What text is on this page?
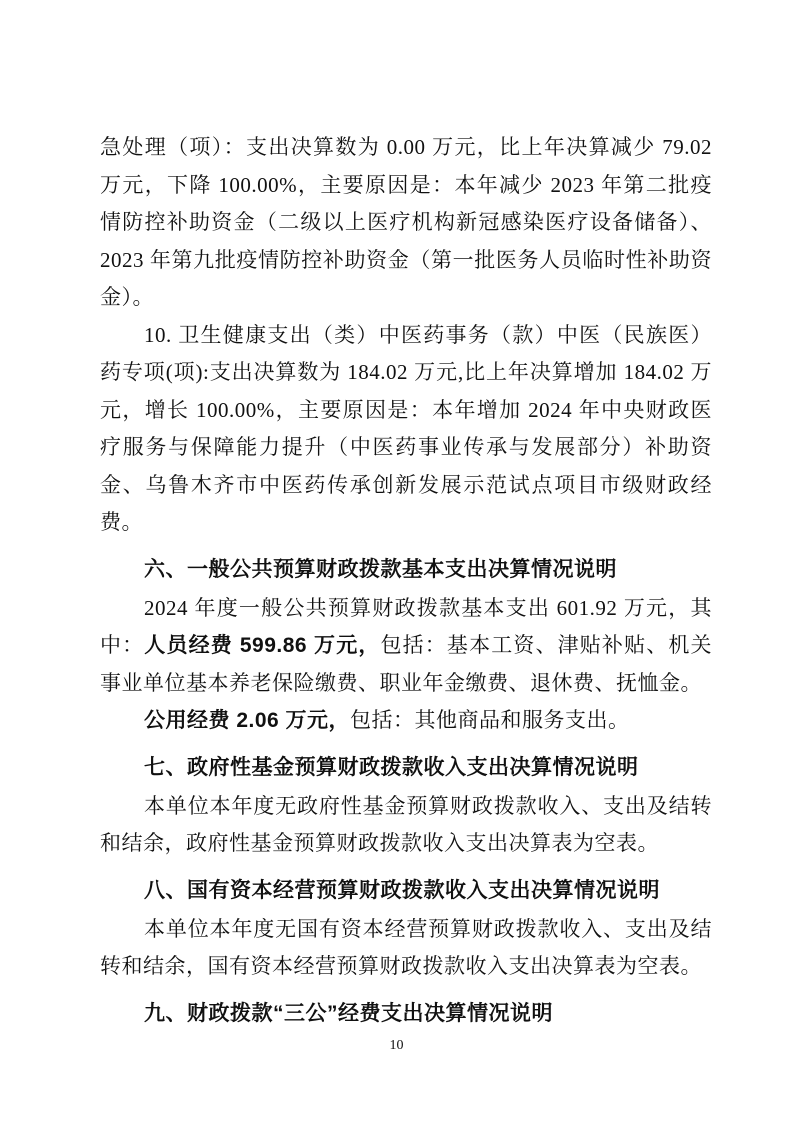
急处理（项）：支出决算数为 0.00 万元，比上年决算减少 79.02 万元，下降 100.00%，主要原因是：本年减少 2023 年第二批疫情防控补助资金（二级以上医疗机构新冠感染医疗设备储备）、2023 年第九批疫情防控补助资金（第一批医务人员临时性补助资金）。

10. 卫生健康支出（类）中医药事务（款）中医（民族医）药专项(项):支出决算数为 184.02 万元,比上年决算增加 184.02 万元，增长 100.00%，主要原因是：本年增加 2024 年中央财政医疗服务与保障能力提升（中医药事业传承与发展部分）补助资金、乌鲁木齐市中医药传承创新发展示范试点项目市级财政经费。

六、一般公共预算财政拨款基本支出决算情况说明

2024 年度一般公共预算财政拨款基本支出 601.92 万元，其中：人员经费 599.86 万元，包括：基本工资、津贴补贴、机关事业单位基本养老保险缴费、职业年金缴费、退休费、抚恤金。

公用经费 2.06 万元，包括：其他商品和服务支出。

七、政府性基金预算财政拨款收入支出决算情况说明

本单位本年度无政府性基金预算财政拨款收入、支出及结转和结余，政府性基金预算财政拨款收入支出决算表为空表。

八、国有资本经营预算财政拨款收入支出决算情况说明

本单位本年度无国有资本经营预算财政拨款收入、支出及结转和结余，国有资本经营预算财政拨款收入支出决算表为空表。

九、财政拨款“三公”经费支出决算情况说明
10
